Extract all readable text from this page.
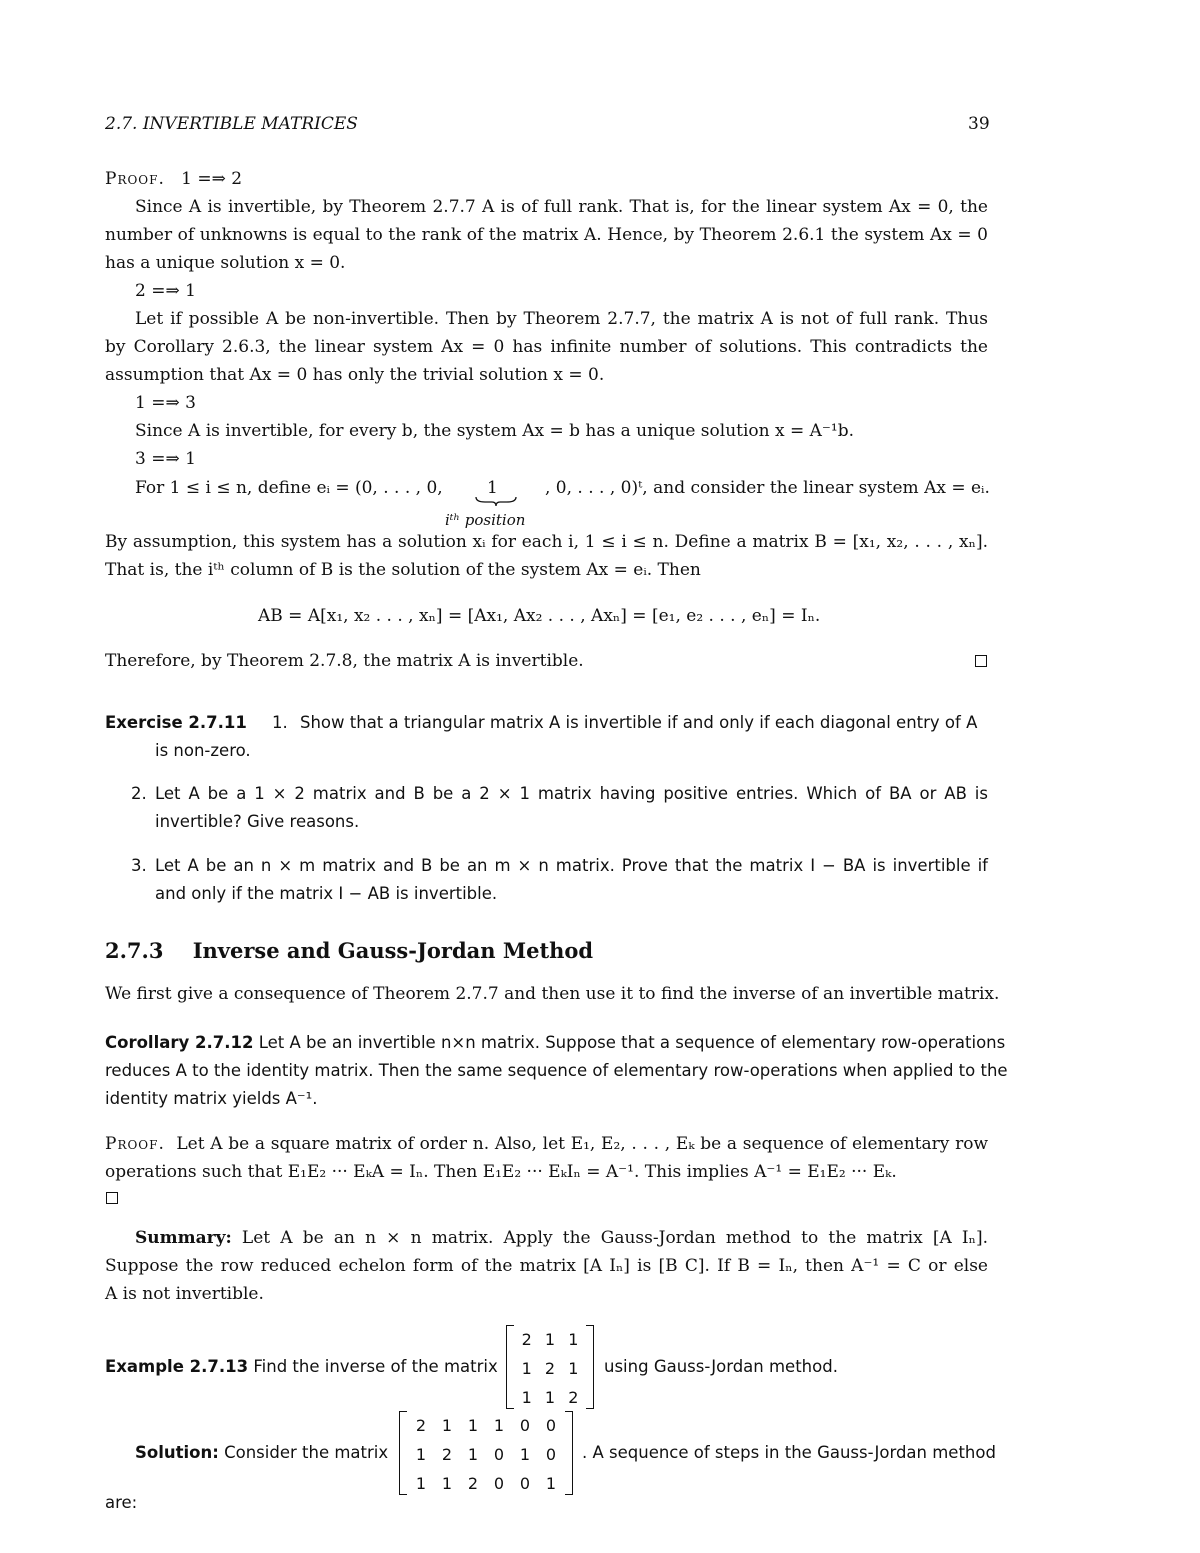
2.7. INVERTIBLE MATRICES	39
Proof. 1 =⇒ 2
Since A is invertible, by Theorem 2.7.7 A is of full rank. That is, for the linear system Ax = 0, the
number of unknowns is equal to the rank of the matrix A. Hence, by Theorem 2.6.1 the system Ax = 0
has a unique solution x = 0.
2 =⇒ 1
Let if possible A be non-invertible. Then by Theorem 2.7.7, the matrix A is not of full rank. Thus
by Corollary 2.6.3, the linear system Ax = 0 has infinite number of solutions. This contradicts the
assumption that Ax = 0 has only the trivial solution x = 0.
1 =⇒ 3
Since A is invertible, for every b, the system Ax = b has a unique solution x = A⁻¹b.
3 =⇒ 1
For 1 ≤ i ≤ n, define eᵢ = (0, . . . , 0,	1	, 0, . . . , 0)ᵗ, and consider the linear system Ax = eᵢ.
iᵗʰ position
By assumption, this system has a solution xᵢ for each i, 1 ≤ i ≤ n. Define a matrix B = [x₁, x₂, . . . , xₙ].
That is, the iᵗʰ column of B is the solution of the system Ax = eᵢ. Then
AB = A[x₁, x₂ . . . , xₙ] = [Ax₁, Ax₂ . . . , Axₙ] = [e₁, e₂ . . . , eₙ] = Iₙ.
Therefore, by Theorem 2.7.8, the matrix A is invertible.
Exercise 2.7.11 1. Show that a triangular matrix A is invertible if and only if each diagonal entry of A
is non-zero.
2. Let A be a 1 × 2 matrix and B be a 2 × 1 matrix having positive entries. Which of BA or AB is
invertible? Give reasons.
3. Let A be an n × m matrix and B be an m × n matrix. Prove that the matrix I − BA is invertible if
and only if the matrix I − AB is invertible.
2.7.3 Inverse and Gauss-Jordan Method
We first give a consequence of Theorem 2.7.7 and then use it to find the inverse of an invertible matrix.
Corollary 2.7.12 Let A be an invertible n×n matrix. Suppose that a sequence of elementary row-operations
reduces A to the identity matrix. Then the same sequence of elementary row-operations when applied to the
identity matrix yields A⁻¹.
Proof. Let A be a square matrix of order n. Also, let E₁, E₂, . . . , Eₖ be a sequence of elementary row
operations such that E₁E₂ ··· EₖA = Iₙ. Then E₁E₂ ··· EₖIₙ = A⁻¹. This implies A⁻¹ = E₁E₂ ··· Eₖ.
Summary: Let A be an n × n matrix. Apply the Gauss-Jordan method to the matrix [A Iₙ].
Suppose the row reduced echelon form of the matrix [A Iₙ] is [B C]. If B = Iₙ, then A⁻¹ = C or else
A is not invertible.
Example 2.7.13 Find the inverse of the matrix
2 1 1
1 2 1
1 1 2
using Gauss-Jordan method.
Solution: Consider the matrix
2 1 1 1 0 0
1 2 1 0 1 0
1 1 2 0 0 1
. A sequence of steps in the Gauss-Jordan method
are:
